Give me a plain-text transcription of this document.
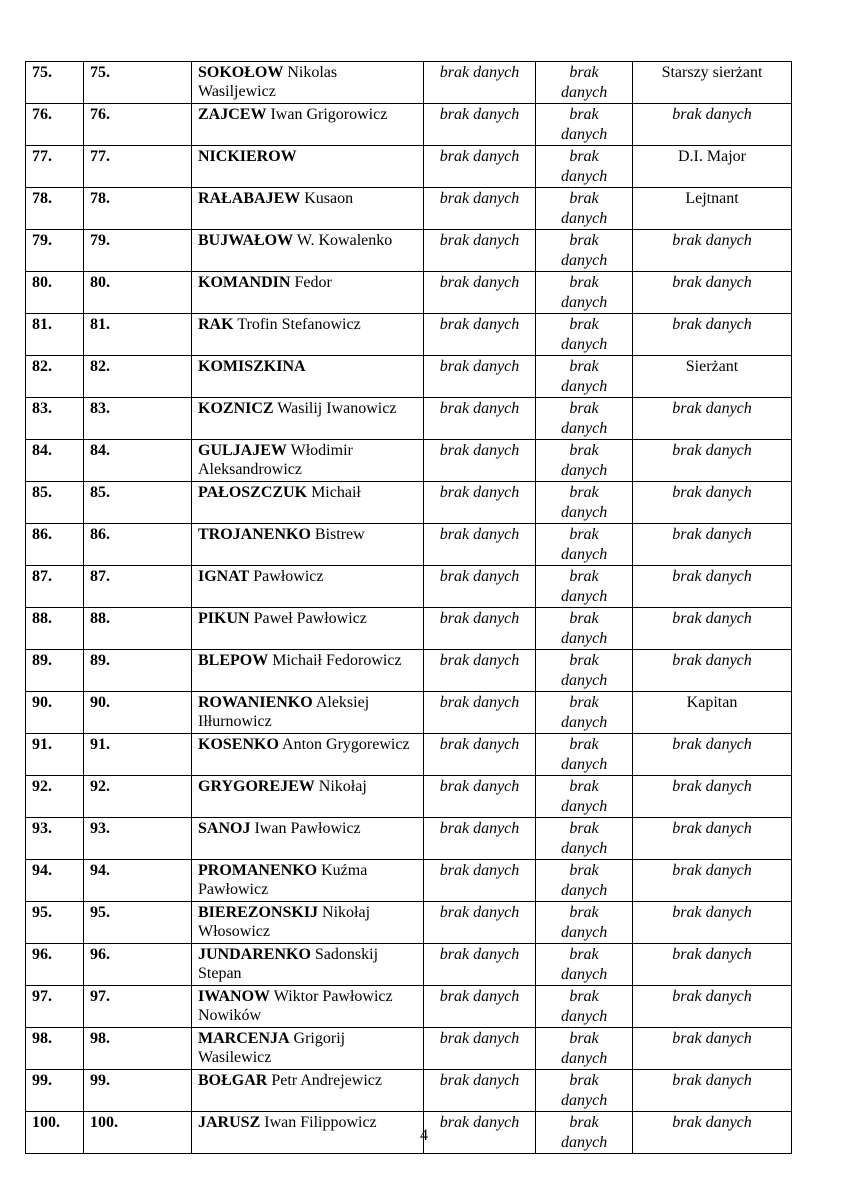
75.	75.	SOKOŁOW Nikolas Wasiljewicz	brak danych	brak danych	Starszy sierżant
76.	76.	ZAJCEW Iwan Grigorowicz	brak danych	brak danych	brak danych
77.	77.	NICKIEROW	brak danych	brak danych	D.I. Major
78.	78.	RAŁABAJEW Kusaon	brak danych	brak danych	Lejtnant
79.	79.	BUJWAŁOW W. Kowalenko	brak danych	brak danych	brak danych
80.	80.	KOMANDIN Fedor	brak danych	brak danych	brak danych
81.	81.	RAK Trofin Stefanowicz	brak danych	brak danych	brak danych
82.	82.	KOMISZKINA	brak danych	brak danych	Sierżant
83.	83.	KOZNICZ Wasilij Iwanowicz	brak danych	brak danych	brak danych
84.	84.	GULJAJEW Włodimir Aleksandrowicz	brak danych	brak danych	brak danych
85.	85.	PAŁOSZCZUK Michaił	brak danych	brak danych	brak danych
86.	86.	TROJANENKO Bistrew	brak danych	brak danych	brak danych
87.	87.	IGNAT Pawłowicz	brak danych	brak danych	brak danych
88.	88.	PIKUN Paweł Pawłowicz	brak danych	brak danych	brak danych
89.	89.	BLEPOW Michaił Fedorowicz	brak danych	brak danych	brak danych
90.	90.	ROWANIENKO Aleksiej Iłłurnowicz	brak danych	brak danych	Kapitan
91.	91.	KOSENKO Anton Grygorewicz	brak danych	brak danych	brak danych
92.	92.	GRYGOREJEW Nikołaj	brak danych	brak danych	brak danych
93.	93.	SANOJ Iwan Pawłowicz	brak danych	brak danych	brak danych
94.	94.	PROMANENKO Kuźma Pawłowicz	brak danych	brak danych	brak danych
95.	95.	BIEREZONSKIJ Nikołaj Włosowicz	brak danych	brak danych	brak danych
96.	96.	JUNDARENKO Sadonskij Stepan	brak danych	brak danych	brak danych
97.	97.	IWANOW Wiktor Pawłowicz Nowików	brak danych	brak danych	brak danych
98.	98.	MARCENJA Grigorij Wasilewicz	brak danych	brak danych	brak danych
99.	99.	BOŁGAR Petr Andrejewicz	brak danych	brak danych	brak danych
100.	100.	JARUSZ Iwan Filippowicz	brak danych	brak danych	brak danych
4
